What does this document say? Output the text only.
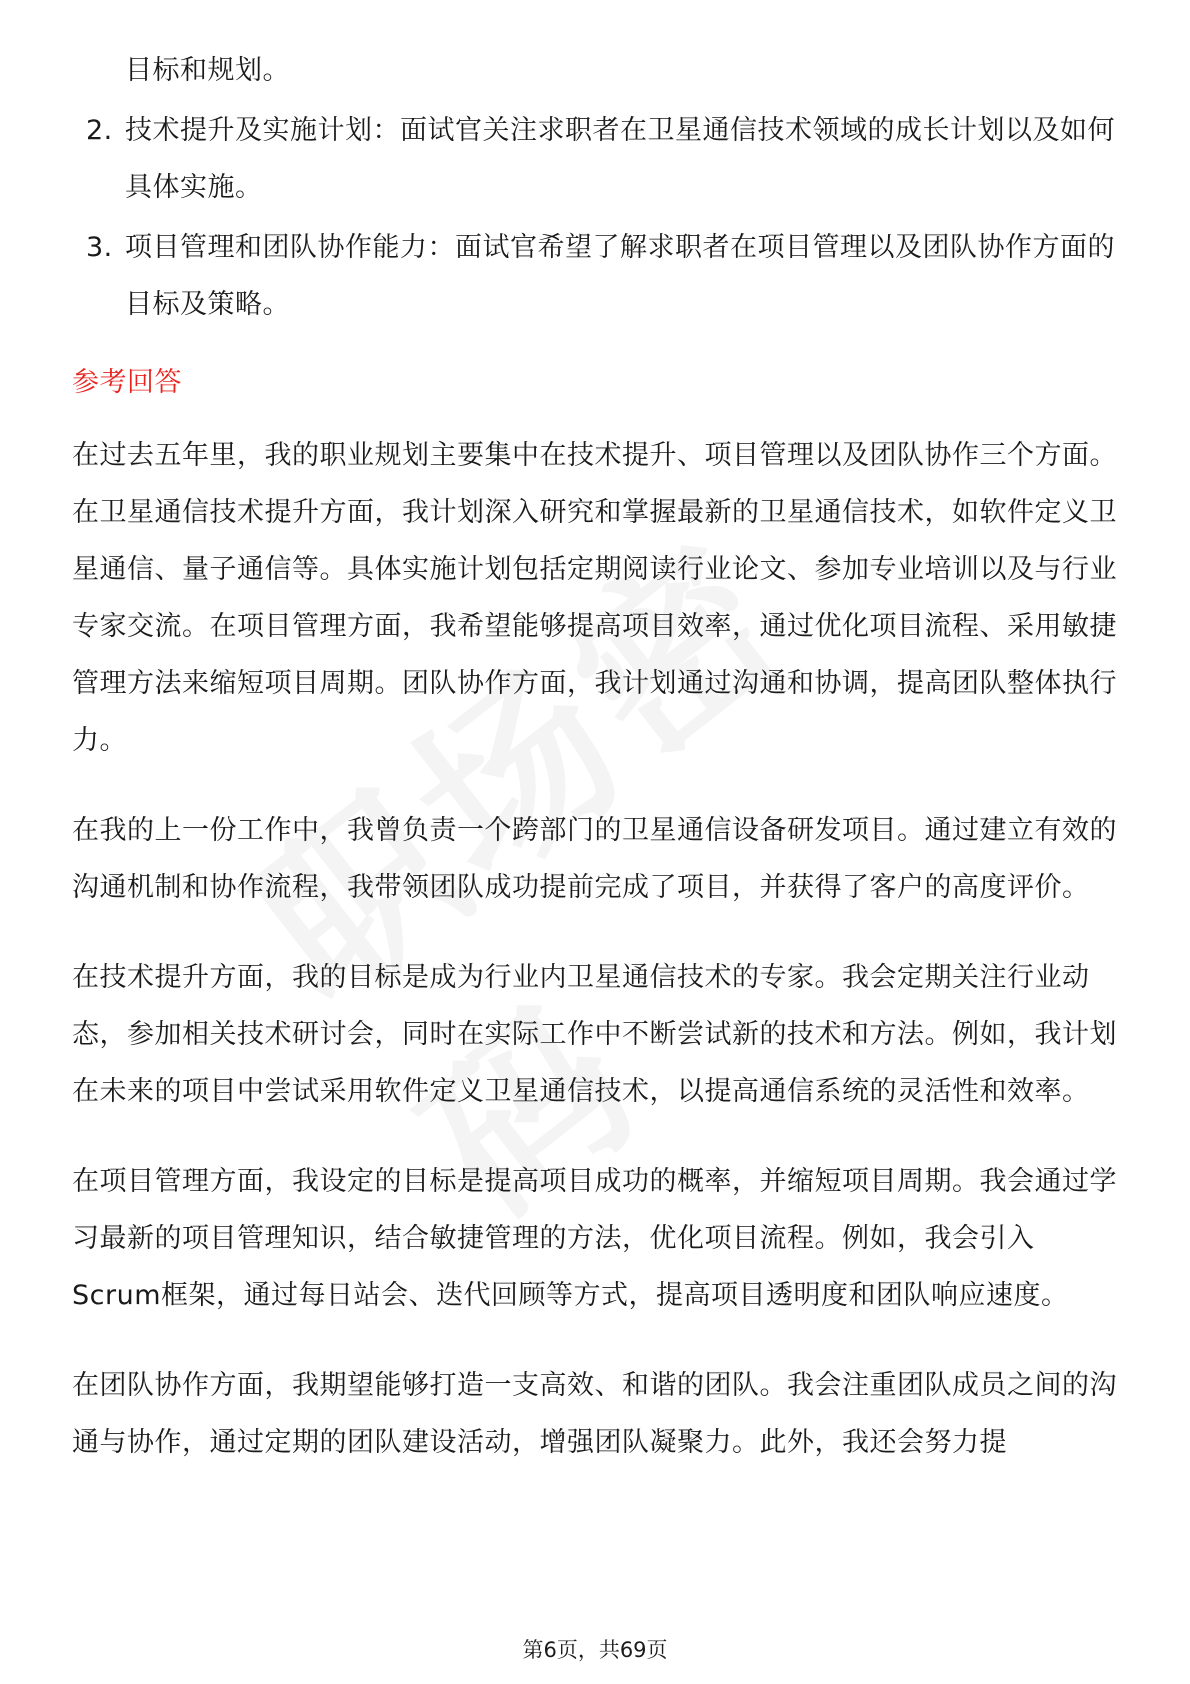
目标和规划。
2. 技术提升及实施计划：面试官关注求职者在卫星通信技术领域的成长计划以及如何具体实施。
3. 项目管理和团队协作能力：面试官希望了解求职者在项目管理以及团队协作方面的目标及策略。
参考回答

在过去五年里，我的职业规划主要集中在技术提升、项目管理以及团队协作三个方面。在卫星通信技术提升方面，我计划深入研究和掌握最新的卫星通信技术，如软件定义卫星通信、量子通信等。具体实施计划包括定期阅读行业论文、参加专业培训以及与行业专家交流。在项目管理方面，我希望能够提高项目效率，通过优化项目流程、采用敏捷管理方法来缩短项目周期。团队协作方面，我计划通过沟通和协调，提高团队整体执行力。

在我的上一份工作中，我曾负责一个跨部门的卫星通信设备研发项目。通过建立有效的沟通机制和协作流程，我带领团队成功提前完成了项目，并获得了客户的高度评价。

在技术提升方面，我的目标是成为行业内卫星通信技术的专家。我会定期关注行业动态，参加相关技术研讨会，同时在实际工作中不断尝试新的技术和方法。例如，我计划在未来的项目中尝试采用软件定义卫星通信技术，以提高通信系统的灵活性和效率。

在项目管理方面，我设定的目标是提高项目成功的概率，并缩短项目周期。我会通过学习最新的项目管理知识，结合敏捷管理的方法，优化项目流程。例如，我会引入Scrum框架，通过每日站会、迭代回顾等方式，提高项目透明度和团队响应速度。

在团队协作方面，我期望能够打造一支高效、和谐的团队。我会注重团队成员之间的沟通与协作，通过定期的团队建设活动，增强团队凝聚力。此外，我还会努力提

第6页，共69页
